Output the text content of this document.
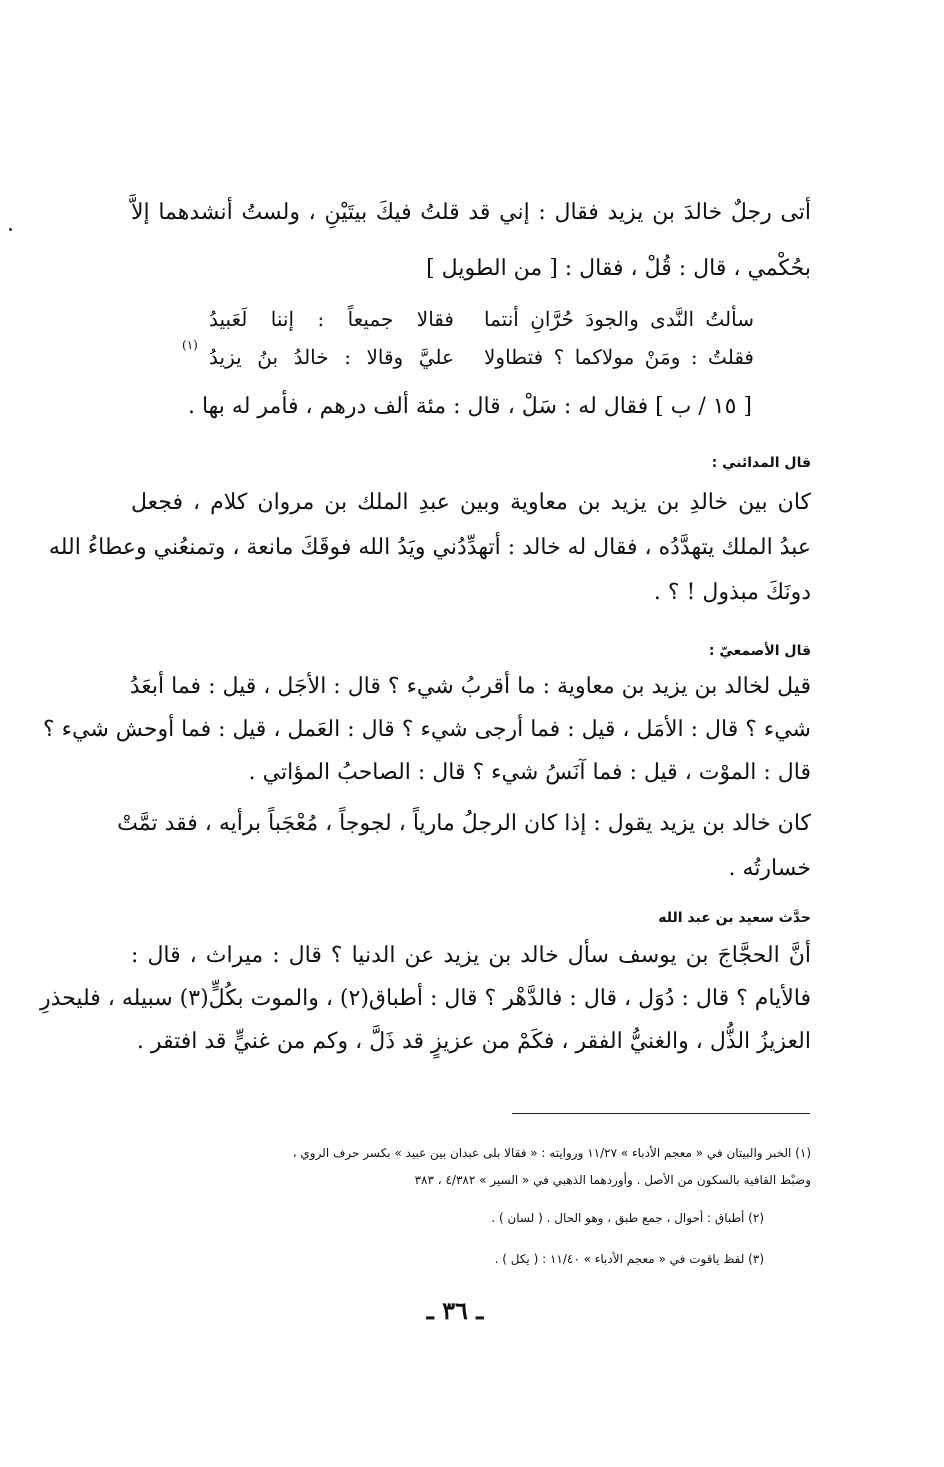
أتى رجلٌ خالدَ بن يزيد فقال : إني قد قلتُ فيكَ بيتَيْنِ ، ولستُ أنشدهما إلاَّ
بحُكْمي ، قال : قُلْ ، فقال : [ من الطويل ]
سألتُ النَّدى والجودَ حُرَّانِ أنتما
فقالا جميعاً : إننا لَعَبيدُ
فقلتُ : ومَنْ مولاكما ؟ فتطاولا
عليَّ وقالا : خالدُ بنُ يزيدُ
(١)
[ ١٥ / ب ] فقال له : سَلْ ، قال : مئة ألف درهم ، فأمر له بها .
قال المدائني :
كان بين خالدِ بن يزيد بن معاوية وبين عبدِ الملك بن مروان كلام ، فجعل
عبدُ الملك يتهدَّدُه ، فقال له خالد : أتهدِّدُني ويَدُ الله فوقَكَ مانعة ، وتمنعُني وعطاءُ الله
دونَكَ مبذول ! ؟ .
قال الأصمعيّ :
قيل لخالد بن يزيد بن معاوية : ما أقربُ شيء ؟ قال : الأجَل ، قيل : فما أبعَدُ
شيء ؟ قال : الأمَل ، قيل : فما أرجى شيء ؟ قال : العَمل ، قيل : فما أوحش شيء ؟
قال : الموْت ، قيل : فما آنَسُ شيء ؟ قال : الصاحبُ المؤاتي .
كان خالد بن يزيد يقول : إذا كان الرجلُ مارياً ، لجوجاً ، مُعْجَباً برأيه ، فقد تمَّتْ
خسارتُه .
حدَّث سعيد بن عبد الله
أنَّ الحجَّاجَ بن يوسف سأل خالد بن يزيد عن الدنيا ؟ قال : ميراث ، قال :
فالأيام ؟ قال : دُوَل ، قال : فالدَّهْر ؟ قال : أطباق(٢) ، والموت بكُلٍّ(٣) سبيله ، فليحذرِ
العزيزُ الذُّل ، والغنيُّ الفقر ، فكَمْ من عزيزٍ قد ذَلَّ ، وكم من غنيٍّ قد افتقر .
(١) الخبر والبيتان في « معجم الأدباء » ١١/٢٧ وروايته : « فقالا بلى عبدان بين عبيد » بكسر حرف الروي ،
وضبْط القافية بالسكون من الأصل . وأوردهما الذهبي في « السير » ٤/٣٨٢ ، ٣٨٣
(٢) أطباق : أحوال ، جمع طبق ، وهو الحال . ( لسان ) .
(٣) لفظ ياقوت في « معجم الأدباء » ١١/٤٠ : ( يكل ) .
ـ ٣٦ ـ
